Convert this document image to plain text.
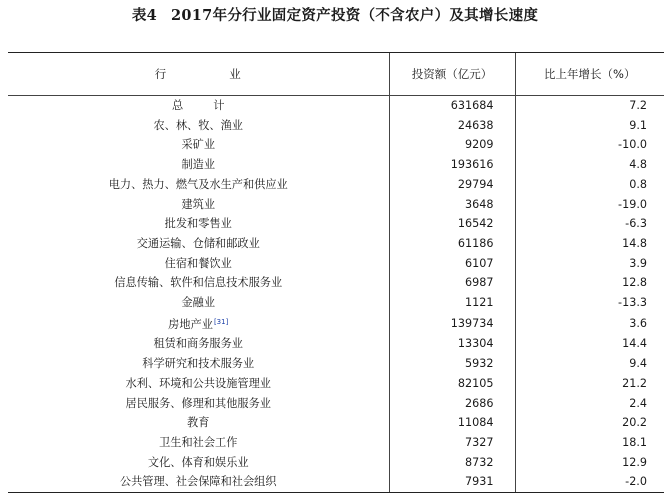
表4 2017年分行业固定资产投资（不含农户）及其增长速度
行 业	投资额（亿元）	比上年增长（%）
总 计	631684	7.2
农、林、牧、渔业	24638	9.1
采矿业	9209	-10.0
制造业	193616	4.8
电力、热力、燃气及水生产和供应业	29794	0.8
建筑业	3648	-19.0
批发和零售业	16542	-6.3
交通运输、仓储和邮政业	61186	14.8
住宿和餐饮业	6107	3.9
信息传输、软件和信息技术服务业	6987	12.8
金融业	1121	-13.3
房地产业[31]	139734	3.6
租赁和商务服务业	13304	14.4
科学研究和技术服务业	5932	9.4
水利、环境和公共设施管理业	82105	21.2
居民服务、修理和其他服务业	2686	2.4
教育	11084	20.2
卫生和社会工作	7327	18.1
文化、体育和娱乐业	8732	12.9
公共管理、社会保障和社会组织	7931	-2.0
